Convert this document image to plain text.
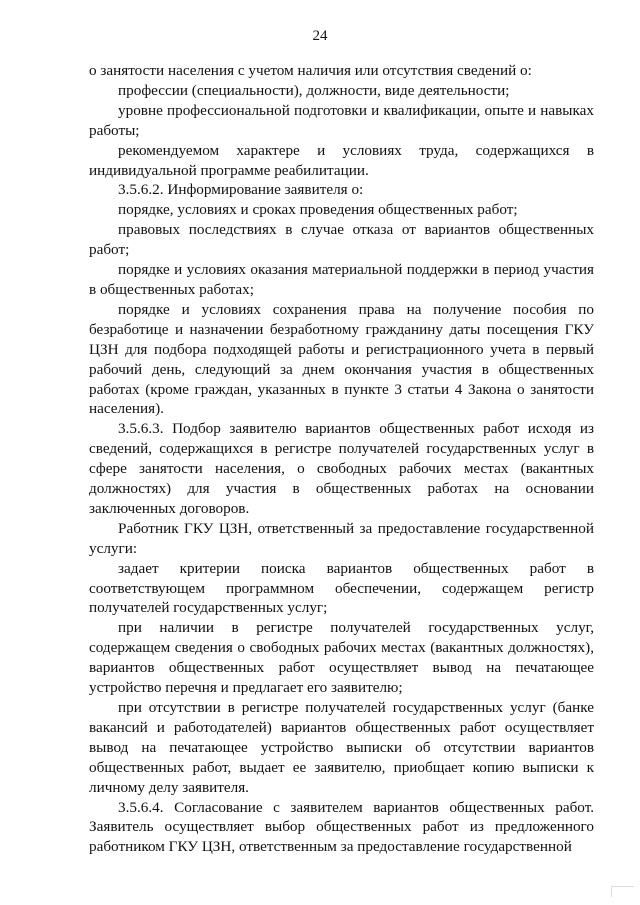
24

о занятости населения с учетом наличия или отсутствия сведений о:

профессии (специальности), должности, виде деятельности;

уровне профессиональной подготовки и квалификации, опыте и навыках работы;

рекомендуемом характере и условиях труда, содержащихся в индивидуальной программе реабилитации.

3.5.6.2. Информирование заявителя о:

порядке, условиях и сроках проведения общественных работ;

правовых последствиях в случае отказа от вариантов общественных работ;

порядке и условиях оказания материальной поддержки в период участия в общественных работах;

порядке и условиях сохранения права на получение пособия по безработице и назначении безработному гражданину даты посещения ГКУ ЦЗН для подбора подходящей работы и регистрационного учета в первый рабочий день, следующий за днем окончания участия в общественных работах (кроме граждан, указанных в пункте 3 статьи 4 Закона о занятости населения).

3.5.6.3. Подбор заявителю вариантов общественных работ исходя из сведений, содержащихся в регистре получателей государственных услуг в сфере занятости населения, о свободных рабочих местах (вакантных должностях) для участия в общественных работах на основании заключенных договоров.

Работник ГКУ ЦЗН, ответственный за предоставление государственной услуги:

задает критерии поиска вариантов общественных работ в соответствующем программном обеспечении, содержащем регистр получателей государственных услуг;

при наличии в регистре получателей государственных услуг, содержащем сведения о свободных рабочих местах (вакантных должностях), вариантов общественных работ осуществляет вывод на печатающее устройство перечня и предлагает его заявителю;

при отсутствии в регистре получателей государственных услуг (банке вакансий и работодателей) вариантов общественных работ осуществляет вывод на печатающее устройство выписки об отсутствии вариантов общественных работ, выдает ее заявителю, приобщает копию выписки к личному делу заявителя.

3.5.6.4. Согласование с заявителем вариантов общественных работ. Заявитель осуществляет выбор общественных работ из предложенного работником ГКУ ЦЗН, ответственным за предоставление государственной
